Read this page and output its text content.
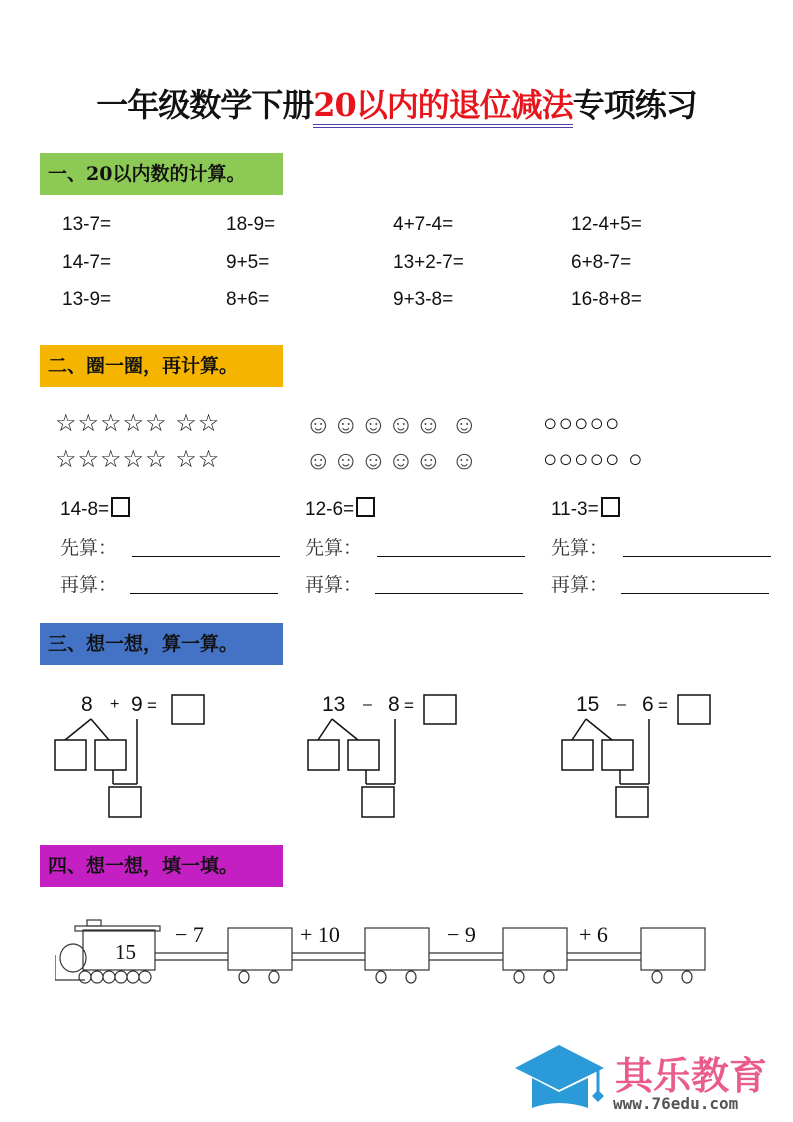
一年级数学下册20以内的退位减法专项练习
一、20以内数的计算。
二、圈一圈，再计算。
三、想一想，算一算。
四、想一想，填一填。
13-7=	18-9=	4+7-4=	12-4+5=
14-7=	9+5=	13+2-7=	6+8-7=
13-9=	8+6=	9+3-8=	16-8+8=
☆☆☆☆☆ ☆☆
☆☆☆☆☆ ☆☆
14-8=
先算：
再算：
☺☺☺☺☺ ☺
☺☺☺☺☺ ☺
12-6=
先算：
再算：
○○○○○
○○○○○ ○
11-3=
先算：
再算：
8 + 9 =	13 – 8 =	15 – 6 =
15
− 7	+ 10	− 9	+ 6
其乐教育
www.76edu.com
